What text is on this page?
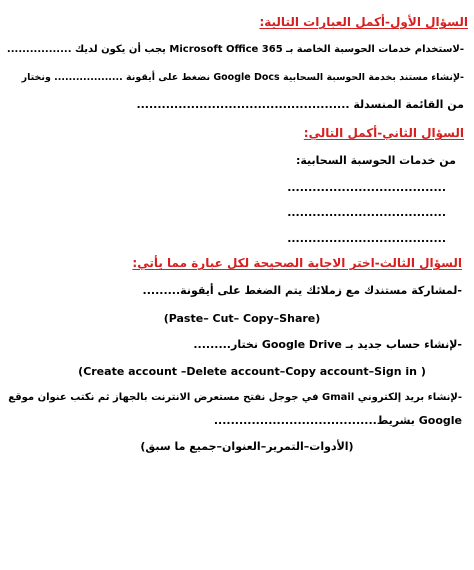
السؤال الأول-أكمل العبارات التالية:
-لاستخدام خدمات الحوسبة الخاصة بـ Microsoft Office 365 يجب أن يكون لديك .................
-لإنشاء مستند بخدمة الحوسبة السحابية Google Docs نضغط على أيقونة ................... ونختار
من القائمة المنسدلة ...................................................
السؤال الثاني-أكمل التالي:
من خدمات الحوسبة السحابية:
......................................
......................................
......................................
السؤال الثالث-اختر الاجابة الصحيحة لكل عبارة مما يأتي:
-لمشاركة مستندك مع زملائك يتم الضغط على أيقونة.........
(Paste– Cut– Copy–Share)
-لإنشاء حساب جديد بـ Google Drive نختار.........
( Create account –Delete account–Copy account–Sign in)
-لإنشاء بريد إلكتروني Gmail في جوجل نفتح مستعرض الانترنت بالجهاز ثم نكتب عنوان موقع
Google بشريط.......................................
(الأدوات–التمرير–العنوان–جميع ما سبق)
